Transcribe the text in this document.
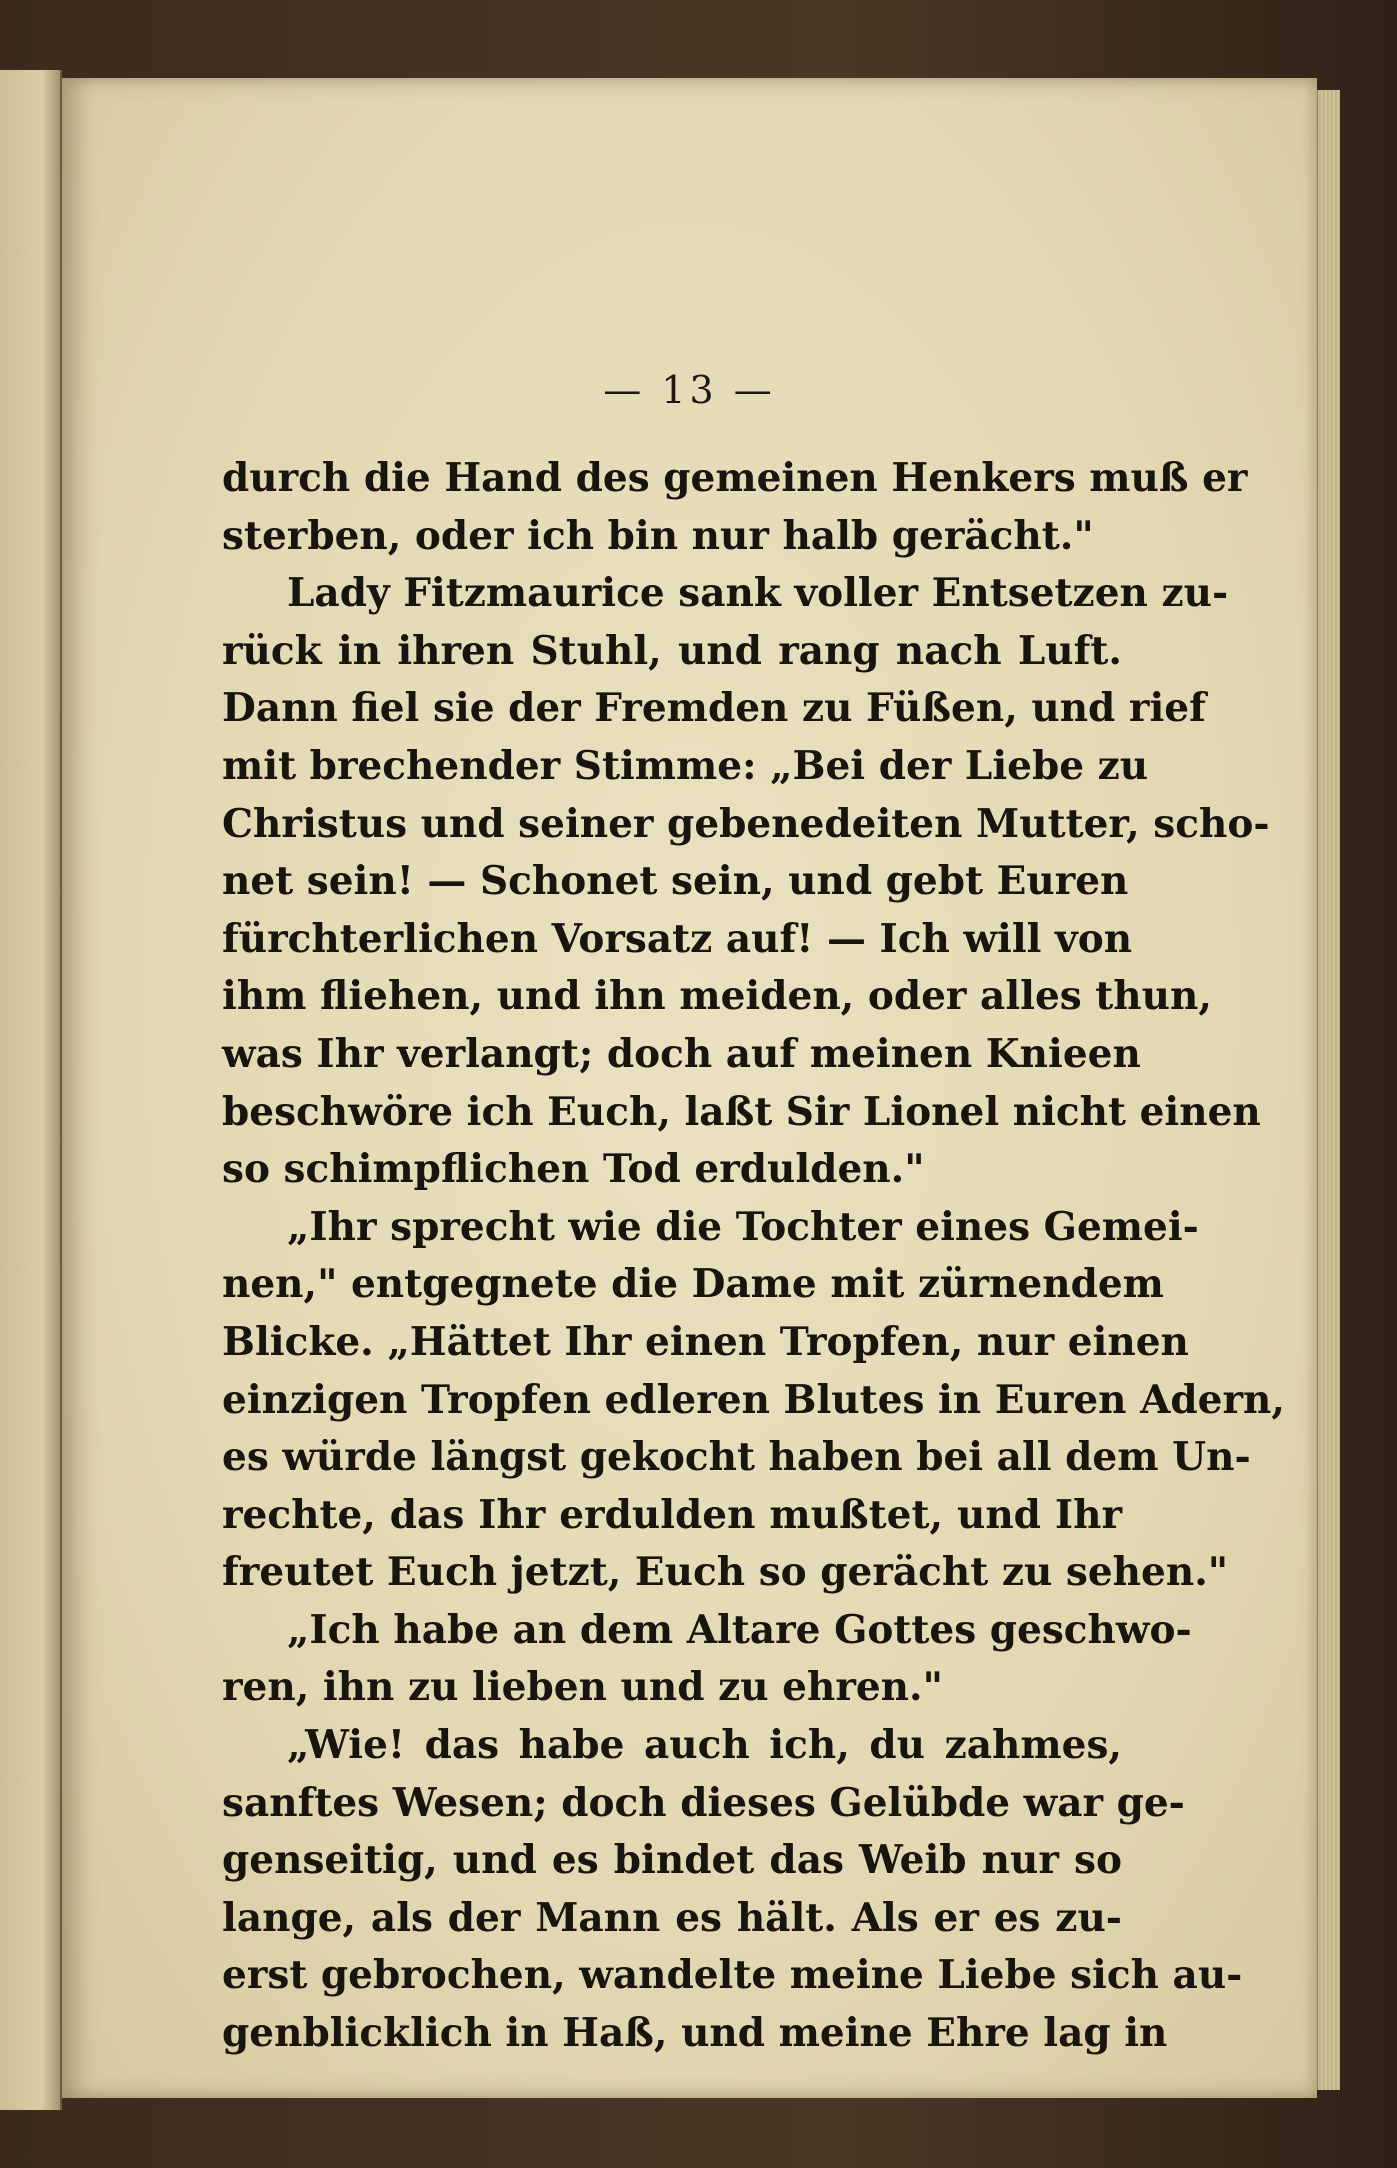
— 13 —
durch die Hand des gemeinen Henkers muß er
sterben, oder ich bin nur halb gerächt."
Lady Fitzmaurice sank voller Entsetzen zu-
rück in ihren Stuhl, und rang nach Luft.
Dann fiel sie der Fremden zu Füßen, und rief
mit brechender Stimme: „Bei der Liebe zu
Christus und seiner gebenedeiten Mutter, scho-
net sein! — Schonet sein, und gebt Euren
fürchterlichen Vorsatz auf! — Ich will von
ihm fliehen, und ihn meiden, oder alles thun,
was Ihr verlangt; doch auf meinen Knieen
beschwöre ich Euch, laßt Sir Lionel nicht einen
so schimpflichen Tod erdulden."
„Ihr sprecht wie die Tochter eines Gemei-
nen," entgegnete die Dame mit zürnendem
Blicke. „Hättet Ihr einen Tropfen, nur einen
einzigen Tropfen edleren Blutes in Euren Adern,
es würde längst gekocht haben bei all dem Un-
rechte, das Ihr erdulden mußtet, und Ihr
freutet Euch jetzt, Euch so gerächt zu sehen."
„Ich habe an dem Altare Gottes geschwo-
ren, ihn zu lieben und zu ehren."
„Wie! das habe auch ich, du zahmes,
sanftes Wesen; doch dieses Gelübde war ge-
genseitig, und es bindet das Weib nur so
lange, als der Mann es hält. Als er es zu-
erst gebrochen, wandelte meine Liebe sich au-
genblicklich in Haß, und meine Ehre lag in
